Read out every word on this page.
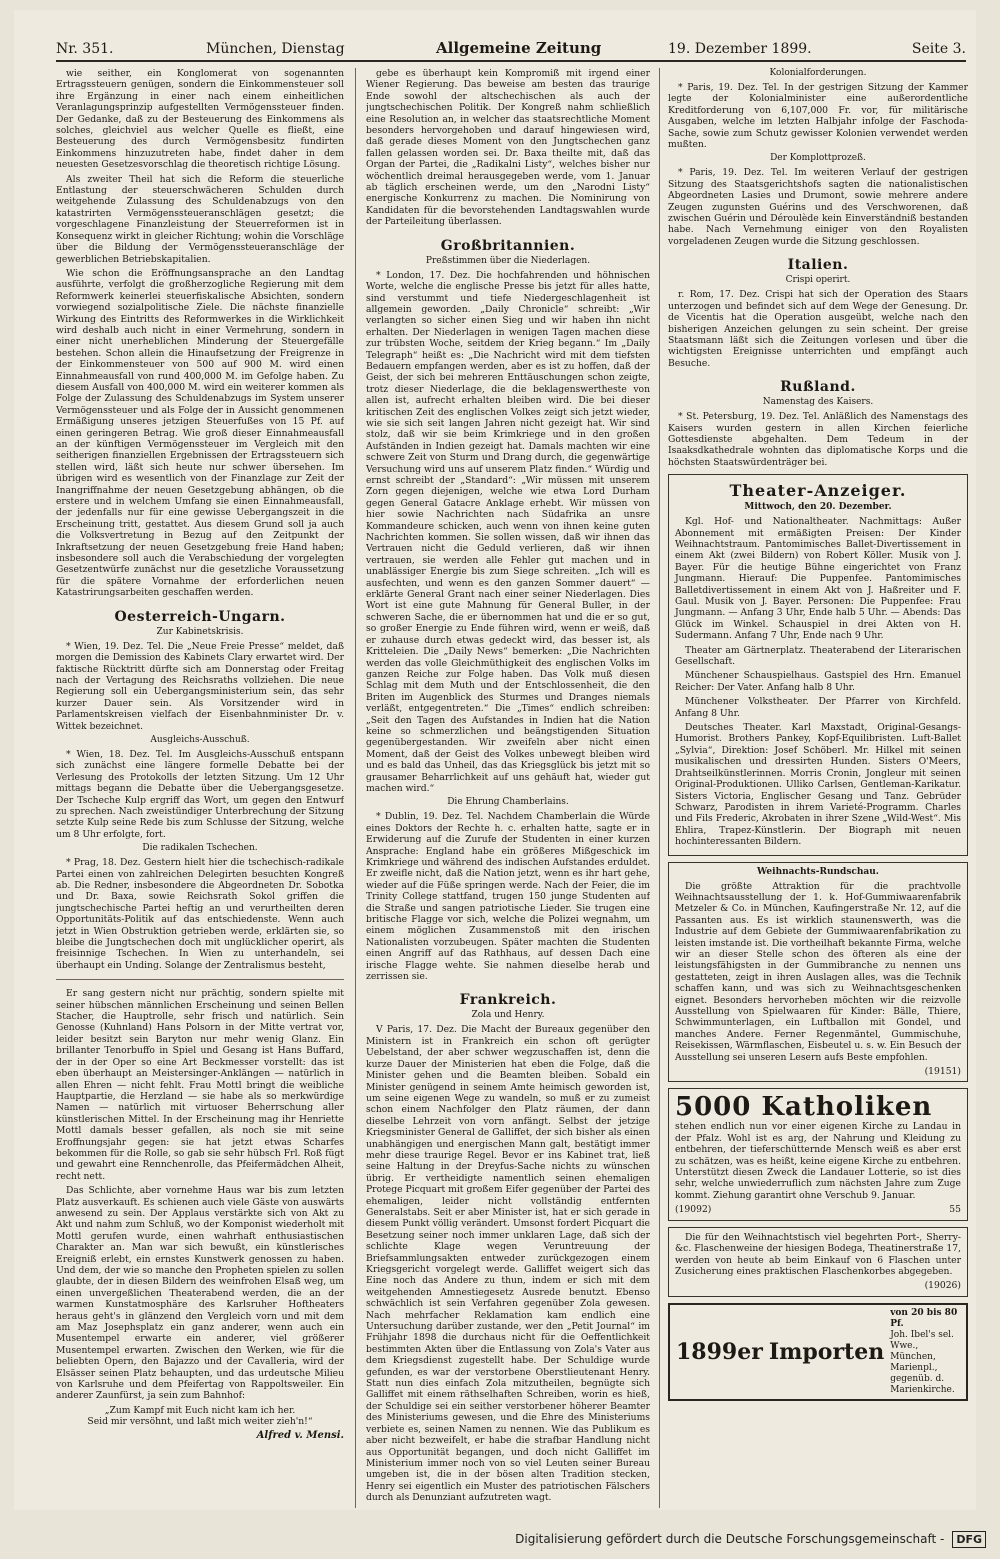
Nr. 351.	München, Dienstag	Allgemeine Zeitung	19. Dezember 1899.	Seite 3.

wie seither, ein Konglomerat von sogenannten Ertragssteuern genügen, sondern die Einkommensteuer soll ihre Ergänzung in einer nach einem einheitlichen Veranlagungsprinzip aufgestellten Vermögenssteuer finden. Der Gedanke, daß zu der Besteuerung des Einkommens als solches, gleichviel aus welcher Quelle es fließt, eine Besteuerung des durch Vermögensbesitz fundirten Einkommens hinzuzutreten habe, findet daher in dem neuesten Gesetzesvorschlag die theoretisch richtige Lösung.

Als zweiter Theil hat sich die Reform die steuerliche Entlastung der steuerschwächeren Schulden durch weitgehende Zulassung des Schuldenabzugs von den katastrirten Vermögenssteueranschlägen gesetzt; die vorgeschlagene Finanzleistung der Steuerreformen ist in Konsequenz wirkt in gleicher Richtung; wohin die Vorschläge über die Bildung der Vermögenssteueranschläge der gewerblichen Betriebskapitalien.

Wie schon die Eröffnungsansprache an den Landtag ausführte, verfolgt die großherzogliche Regierung mit dem Reformwerk keinerlei steuerfiskalische Absichten, sondern vorwiegend sozialpolitische Ziele. Die nächste finanzielle Wirkung des Eintritts des Reformwerkes in die Wirklichkeit wird deshalb auch nicht in einer Vermehrung, sondern in einer nicht unerheblichen Minderung der Steuergefälle bestehen. Schon allein die Hinaufsetzung der Freigrenze in der Einkommensteuer von 500 auf 900 M. wird einen Einnahmeausfall von rund 400,000 M. im Gefolge haben. Zu diesem Ausfall von 400,000 M. wird ein weiterer kommen als Folge der Zulassung des Schuldenabzugs im System unserer Vermögenssteuer und als Folge der in Aussicht genommenen Ermäßigung unseres jetzigen Steuerfußes von 15 Pf. auf einen geringeren Betrag. Wie groß dieser Einnahmeausfall an der künftigen Vermögenssteuer im Vergleich mit den seitherigen finanziellen Ergebnissen der Ertragssteuern sich stellen wird, läßt sich heute nur schwer übersehen. Im übrigen wird es wesentlich von der Finanzlage zur Zeit der Inangriffnahme der neuen Gesetzgebung abhängen, ob die erstere und in welchem Umfang sie einen Einnahmeausfall, der jedenfalls nur für eine gewisse Uebergangszeit in die Erscheinung tritt, gestattet. Aus diesem Grund soll ja auch die Volksvertretung in Bezug auf den Zeitpunkt der Inkraftsetzung der neuen Gesetzgebung freie Hand haben; insbesondere soll auch die Verabschiedung der vorgelegten Gesetzentwürfe zunächst nur die gesetzliche Voraussetzung für die spätere Vornahme der erforderlichen neuen Katastrirungsarbeiten geschaffen werden.

Oesterreich-Ungarn.
Zur Kabinetskrisis.

* Wien, 19. Dez. Tel. Die „Neue Freie Presse“ meldet, daß morgen die Demission des Kabinets Clary erwartet wird. Der faktische Rücktritt dürfte sich am Donnerstag oder Freitag nach der Vertagung des Reichsraths vollziehen. Die neue Regierung soll ein Uebergangsministerium sein, das sehr kurzer Dauer sein. Als Vorsitzender wird in Parlamentskreisen vielfach der Eisenbahnminister Dr. v. Wittek bezeichnet.

Ausgleichs-Ausschuß.

* Wien, 18. Dez. Tel. Im Ausgleichs-Ausschuß entspann sich zunächst eine längere formelle Debatte bei der Verlesung des Protokolls der letzten Sitzung. Um 12 Uhr mittags begann die Debatte über die Uebergangsgesetze. Der Tscheche Kulp ergriff das Wort, um gegen den Entwurf zu sprechen. Nach zweistündiger Unterbrechung der Sitzung setzte Kulp seine Rede bis zum Schlusse der Sitzung, welche um 8 Uhr erfolgte, fort.

Die radikalen Tschechen.

* Prag, 18. Dez. Gestern hielt hier die tschechisch-radikale Partei einen von zahlreichen Delegirten besuchten Kongreß ab. Die Redner, insbesondere die Abgeordneten Dr. Sobotka und Dr. Baxa, sowie Reichsrath Sokol griffen die jungtschechische Partei heftig an und verurtheilten deren Opportunitäts-Politik auf das entschiedenste. Wenn auch jetzt in Wien Obstruktion getrieben werde, erklärten sie, so bleibe die Jungtschechen doch mit unglücklicher operirt, als freisinnige Tschechen. In Wien zu unterhandeln, sei überhaupt ein Unding. Solange der Zentralismus besteht,

Er sang gestern nicht nur prächtig, sondern spielte mit seiner hübschen männlichen Erscheinung und seinen Bellen Stacher, die Hauptrolle, sehr frisch und natürlich. Sein Genosse (Kuhnland) Hans Polsorn in der Mitte vertrat vor, leider besitzt sein Baryton nur mehr wenig Glanz. Ein brillanter Tenorbuffo in Spiel und Gesang ist Hans Buffard, der in der Oper so eine Art Beckmesser vorstellt: das ist eben überhaupt an Meistersinger-Anklängen — natürlich in allen Ehren — nicht fehlt. Frau Mottl bringt die weibliche Hauptpartie, die Herzland — sie habe als so merkwürdige Namen — natürlich mit virtuoser Beherrschung aller künstlerischen Mittel. In der Erscheinung mag ihr Henriette Mottl damals besser gefallen, als noch sie mit seine Eroffnungsjahr gegen: sie hat jetzt etwas Scharfes bekommen für die Rolle, so gab sie sehr hübsch Frl. Roß fügt und gewahrt eine Rennchenrolle, das Pfeifermädchen Alheit, recht nett.

Das Schlichte, aber vornehme Haus war bis zum letzten Platz ausverkauft. Es schienen auch viele Gäste von auswärts anwesend zu sein. Der Applaus verstärkte sich von Akt zu Akt und nahm zum Schluß, wo der Komponist wiederholt mit Mottl gerufen wurde, einen wahrhaft enthusiastischen Charakter an. Man war sich bewußt, ein künstlerisches Ereigniß erlebt, ein ernstes Kunstwerk genossen zu haben. Und dem, der wie so manche den Propheten spielen zu sollen glaubte, der in diesen Bildern des weinfrohen Elsaß weg, um einen unvergeßlichen Theaterabend werden, die an der warmen Kunstatmosphäre des Karlsruher Hoftheaters heraus geht's in glänzend den Vergleich vorn und mit dem am Maz Josephsplatz ein ganz anderer, wenn auch ein Musentempel erwarte ein anderer, viel größerer Musentempel erwarten. Zwischen den Werken, wie für die beliebten Opern, den Bajazzo und der Cavalleria, wird der Elsässer seinen Platz behaupten, und das urdeutsche Milieu von Karlsruhe und dem Pfeifertag von Rappoltsweiler. Ein anderer Zaunfürst, ja sein zum Bahnhof:

„Zum Kampf mit Euch nicht kam ich her.
Seid mir versöhnt, und laßt mich weiter zieh'n!“
Alfred v. Mensi.

gebe es überhaupt kein Kompromiß mit irgend einer Wiener Regierung. Das beweise am besten das traurige Ende sowohl der altschechischen als auch der jungtschechischen Politik. Der Kongreß nahm schließlich eine Resolution an, in welcher das staatsrechtliche Moment besonders hervorgehoben und darauf hingewiesen wird, daß gerade dieses Moment von den Jungtschechen ganz fallen gelassen worden sei. Dr. Baxa theilte mit, daß das Organ der Partei, die „Radikalni Listy“, welches bisher nur wöchentlich dreimal herausgegeben werde, vom 1. Januar ab täglich erscheinen werde, um den „Narodni Listy“ energische Konkurrenz zu machen. Die Nominirung von Kandidaten für die bevorstehenden Landtagswahlen wurde der Parteileitung überlassen.

Großbritannien.
Preßstimmen über die Niederlagen.

* London, 17. Dez. Die hochfahrenden und höhnischen Worte, welche die englische Presse bis jetzt für alles hatte, sind verstummt und tiefe Niedergeschlagenheit ist allgemein geworden. „Daily Chronicle“ schreibt: „Wir verlangten so sicher einen Sieg und wir haben ihn nicht erhalten. Der Niederlagen in wenigen Tagen machen diese zur trübsten Woche, seitdem der Krieg begann.“ Im „Daily Telegraph“ heißt es: „Die Nachricht wird mit dem tiefsten Bedauern empfangen werden, aber es ist zu hoffen, daß der Geist, der sich bei mehreren Enttäuschungen schon zeigte, trotz dieser Niederlage, die die beklagenswertheste von allen ist, aufrecht erhalten bleiben wird. Die bei dieser kritischen Zeit des englischen Volkes zeigt sich jetzt wieder, wie sie sich seit langen Jahren nicht gezeigt hat. Wir sind stolz, daß wir sie beim Krimkriege und in den großen Aufständen in Indien gezeigt hat. Damals machten wir eine schwere Zeit von Sturm und Drang durch, die gegenwärtige Versuchung wird uns auf unserem Platz finden.“ Würdig und ernst schreibt der „Standard“: „Wir müssen mit unserem Zorn gegen diejenigen, welche wie etwa Lord Durham gegen General Gatacre Anklage erhebt. Wir müssen von hier sowie Nachrichten nach Südafrika an unsre Kommandeure schicken, auch wenn von ihnen keine guten Nachrichten kommen. Sie sollen wissen, daß wir ihnen das Vertrauen nicht die Geduld verlieren, daß wir ihnen vertrauen, sie werden alle Fehler gut machen und in unablässiger Energie bis zum Siege schreiten. „Ich will es ausfechten, und wenn es den ganzen Sommer dauert“ — erklärte General Grant nach einer seiner Niederlagen. Dies Wort ist eine gute Mahnung für General Buller, in der schweren Sache, die er übernommen hat und die er so gut, so großer Energie zu Ende führen wird, wenn er weiß, daß er zuhause durch etwas gedeckt wird, das besser ist, als Kritteleien. Die „Daily News“ bemerken: „Die Nachrichten werden das volle Gleichmüthigkeit des englischen Volks im ganzen Reiche zur Folge haben. Das Volk muß diesen Schlag mit dem Muth und der Entschlossenheit, die den Briten im Augenblick des Sturmes und Dranges niemals verläßt, entgegentreten.“ Die „Times“ endlich schreiben: „Seit den Tagen des Aufstandes in Indien hat die Nation keine so schmerzlichen und beängstigenden Situation gegenübergestanden. Wir zweifeln aber nicht einen Moment, daß der Geist des Volkes unbewegt bleiben wird und es bald das Unheil, das das Kriegsglück bis jetzt mit so grausamer Beharrlichkeit auf uns gehäuft hat, wieder gut machen wird.“

Die Ehrung Chamberlains.

* Dublin, 19. Dez. Tel. Nachdem Chamberlain die Würde eines Doktors der Rechte h. c. erhalten hatte, sagte er in Erwiderung auf die Zurufe der Studenten in einer kurzen Ansprache: England habe ein größeres Mißgeschick im Krimkriege und während des indischen Aufstandes erduldet. Er zweifle nicht, daß die Nation jetzt, wenn es ihr hart gehe, wieder auf die Füße springen werde. Nach der Feier, die im Trinity College stattfand, trugen 150 junge Studenten auf die Straße und sangen patriotische Lieder. Sie trugen eine britische Flagge vor sich, welche die Polizei wegnahm, um einem möglichen Zusammenstoß mit den irischen Nationalisten vorzubeugen. Später machten die Studenten einen Angriff auf das Rathhaus, auf dessen Dach eine irische Flagge wehte. Sie nahmen dieselbe herab und zerrissen sie.

Frankreich.
Zola und Henry.

V Paris, 17. Dez. Die Macht der Bureaux gegenüber den Ministern ist in Frankreich ein schon oft gerügter Uebelstand, der aber schwer wegzuschaffen ist, denn die kurze Dauer der Ministerien hat eben die Folge, daß die Minister gehen und die Beamten bleiben. Sobald ein Minister genügend in seinem Amte heimisch geworden ist, um seine eigenen Wege zu wandeln, so muß er zu zumeist schon einem Nachfolger den Platz räumen, der dann dieselbe Lehrzeit von vorn anfängt. Selbst der jetzige Kriegsminister General de Galliffet, der sich bisher als einen unabhängigen und energischen Mann galt, bestätigt immer mehr diese traurige Regel. Bevor er ins Kabinet trat, ließ seine Haltung in der Dreyfus-Sache nichts zu wünschen übrig. Er vertheidigte namentlich seinen ehemaligen Protege Picquart mit großem Eifer gegenüber der Partei des ehemaligen, leider nicht vollständig entfernten Generalstabs. Seit er aber Minister ist, hat er sich gerade in diesem Punkt völlig verändert. Umsonst fordert Picquart die Besetzung seiner noch immer unklaren Lage, daß sich der schlichte Klage wegen Veruntreuung der Briefsammlungsakten entweder zurückgezogen einem Kriegsgericht vorgelegt werde. Galliffet weigert sich das Eine noch das Andere zu thun, indem er sich mit dem weitgehenden Amnestiegesetz Ausrede benutzt. Ebenso schwächlich ist sein Verfahren gegenüber Zola gewesen. Nach mehrfacher Reklamation kam endlich eine Untersuchung darüber zustande, wer den „Petit Journal“ im Frühjahr 1898 die durchaus nicht für die Oeffentlichkeit bestimmten Akten über die Entlassung von Zola's Vater aus dem Kriegsdienst zugestellt habe. Der Schuldige wurde gefunden, es war der verstorbene Oberstlieutenant Henry. Statt nun dies einfach Zola mitzutheilen, begnügte sich Galliffet mit einem räthselhaften Schreiben, worin es hieß, der Schuldige sei ein seither verstorbener höherer Beamter des Ministeriums gewesen, und die Ehre des Ministeriums verbiete es, seinen Namen zu nennen. Wie das Publikum es aber nicht bezweifelt, er habe die strafbar Handlung nicht aus Opportunität begangen, und doch nicht Galliffet im Ministerium immer noch von so viel Leuten seiner Bureau umgeben ist, die in der bösen alten Tradition stecken, Henry sei eigentlich ein Muster des patriotischen Fälschers durch als Denunziant aufzutreten wagt.

Kolonialforderungen.

* Paris, 19. Dez. Tel. In der gestrigen Sitzung der Kammer legte der Kolonialminister eine außerordentliche Kreditforderung von 6,107,000 Fr. vor, für militärische Ausgaben, welche im letzten Halbjahr infolge der Faschoda-Sache, sowie zum Schutz gewisser Kolonien verwendet werden mußten.

Der Komplottprozeß.

* Paris, 19. Dez. Tel. Im weiteren Verlauf der gestrigen Sitzung des Staatsgerichtshofs sagten die nationalistischen Abgeordneten Lasies und Drumont, sowie mehrere andere Zeugen zugunsten Guérins und des Verschworenen, daß zwischen Guérin und Déroulède kein Einverständniß bestanden habe. Nach Vernehmung einiger von den Royalisten vorgeladenen Zeugen wurde die Sitzung geschlossen.

Italien.
Crispi operirt.

r. Rom, 17. Dez. Crispi hat sich der Operation des Staars unterzogen und befindet sich auf dem Wege der Genesung. Dr. de Vicentis hat die Operation ausgeübt, welche nach den bisherigen Anzeichen gelungen zu sein scheint. Der greise Staatsmann läßt sich die Zeitungen vorlesen und über die wichtigsten Ereignisse unterrichten und empfängt auch Besuche.

Rußland.
Namenstag des Kaisers.

* St. Petersburg, 19. Dez. Tel. Anläßlich des Namenstags des Kaisers wurden gestern in allen Kirchen feierliche Gottesdienste abgehalten. Dem Tedeum in der Isaaksdkathedrale wohnten das diplomatische Korps und die höchsten Staatswürdenträger bei.

Theater-Anzeiger.
Mittwoch, den 20. Dezember.

Kgl. Hof- und Nationaltheater. Nachmittags: Außer Abonnement mit ermäßigten Preisen: Der Kinder Weihnachtstraum. Pantomimisches Ballet-Divertissement in einem Akt (zwei Bildern) von Robert Köller. Musik von J. Bayer. Für die heutige Bühne eingerichtet von Franz Jungmann. Hierauf: Die Puppenfee. Pantomimisches Balletdivertissement in einem Akt von J. Haßreiter und F. Gaul. Musik von J. Bayer. Personen: Die Puppenfee: Frau Jungmann. — Anfang 3 Uhr, Ende halb 5 Uhr. — Abends: Das Glück im Winkel. Schauspiel in drei Akten von H. Sudermann. Anfang 7 Uhr, Ende nach 9 Uhr.

Theater am Gärtnerplatz. Theaterabend der Literarischen Gesellschaft.

Münchener Schauspielhaus. Gastspiel des Hrn. Emanuel Reicher: Der Vater. Anfang halb 8 Uhr.

Münchener Volkstheater. Der Pfarrer von Kirchfeld. Anfang 8 Uhr.

Deutsches Theater. Karl Maxstadt, Original-Gesangs-Humorist. Brothers Pankey, Kopf-Equilibristen. Luft-Ballet „Sylvia“, Direktion: Josef Schöberl. Mr. Hilkel mit seinen musikalischen und dressirten Hunden. Sisters O'Meers, Drahtseilkünstlerinnen. Morris Cronin, Jongleur mit seinen Original-Produktionen. Ulliko Carlsen, Gentleman-Karikatur. Sisters Victoria, Englischer Gesang und Tanz. Gebrüder Schwarz, Parodisten in ihrem Varieté-Programm. Charles und Fils Frederic, Akrobaten in ihrer Szene „Wild-West“. Mis Ehlira, Trapez-Künstlerin. Der Biograph mit neuen hochinteressanten Bildern.

Weihnachts-Rundschau.

Die größte Attraktion für die prachtvolle Weihnachtsausstellung der 1. k. Hof-Gummiwaarenfabrik Metzeler & Co. in München, Kaufingerstraße Nr. 12, auf die Passanten aus. Es ist wirklich staunenswerth, was die Industrie auf dem Gebiete der Gummiwaarenfabrikation zu leisten imstande ist. Die vortheilhaft bekannte Firma, welche wir an dieser Stelle schon des öfteren als eine der leistungsfähigsten in der Gummibranche zu nennen uns gestatteten, zeigt in ihren Auslagen alles, was die Technik schaffen kann, und was sich zu Weihnachtsgeschenken eignet. Besonders hervorheben möchten wir die reizvolle Ausstellung von Spielwaaren für Kinder: Bälle, Thiere, Schwimmunterlagen, ein Luftballon mit Gondel, und manches Andere. Ferner Regenmäntel, Gummischuhe, Reisekissen, Wärmflaschen, Eisbeutel u. s. w. Ein Besuch der Ausstellung sei unseren Lesern aufs Beste empfohlen.

(19151)
5000 Katholiken

stehen endlich nun vor einer eigenen Kirche zu Landau in der Pfalz. Wohl ist es arg, der Nahrung und Kleidung zu entbehren, der tieferschütternde Mensch weiß es aber erst zu schätzen, was es heißt, keine eigene Kirche zu entbehren. Unterstützt diesen Zweck die Landauer Lotterie, so ist dies sehr, welche unwiederruflich zum nächsten Jahre zum Zuge kommt. Ziehung garantirt ohne Verschub 9. Januar.

(19092)	55

Die für den Weihnachtstisch viel begehrten Port-, Sherry- &c. Flaschenweine der hiesigen Bodega, Theatinerstraße 17, werden von heute ab beim Einkauf von 6 Flaschen unter Zusicherung eines praktischen Flaschenkorbes abgegeben.

(19026)
1899er Importen
von 20 bis 80 Pf.
Joh. Ibel's sel. Wwe., München,
Marienpl., gegenüb. d. Marienkirche.
Digitalisierung gefördert durch die Deutsche Forschungsgemeinschaft -	DFG
